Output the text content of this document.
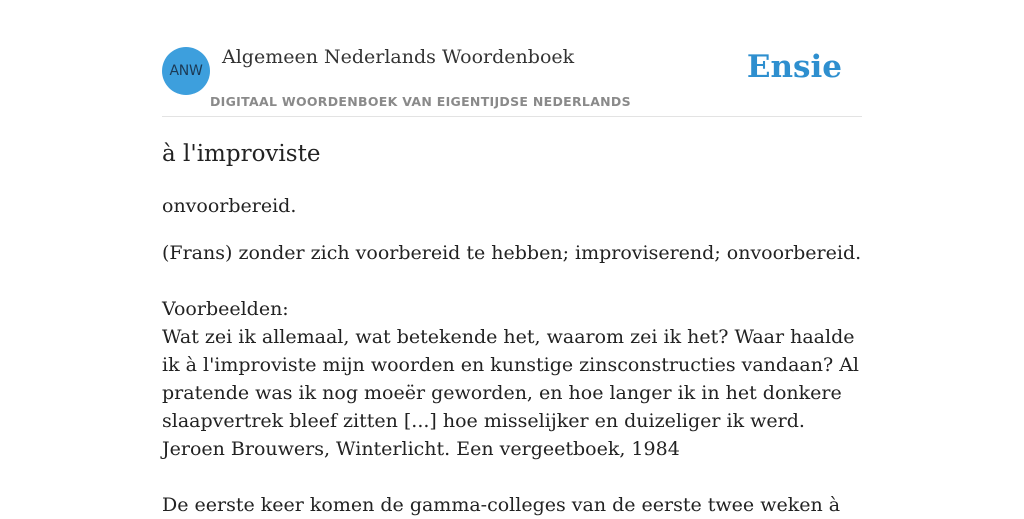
ANW
Algemeen Nederlands Woordenboek
DIGITAAL WOORDENBOEK VAN EIGENTIJDSE NEDERLANDS
Ensie
à l'improviste

onvoorbereid.

(Frans) zonder zich voorbereid te hebben; improviserend; onvoorbereid.

Voorbeelden:

Wat zei ik allemaal, wat betekende het, waarom zei ik het? Waar haalde ik à l'improviste mijn woorden en kunstige zinsconstructies vandaan? Al pratende was ik nog moeër geworden, en hoe langer ik in het donkere slaapvertrek bleef zitten [...] hoe misselijker en duizeliger ik werd.

Jeroen Brouwers, Winterlicht. Een vergeetboek, 1984

De eerste keer komen de gamma-colleges van de eerste twee weken à
